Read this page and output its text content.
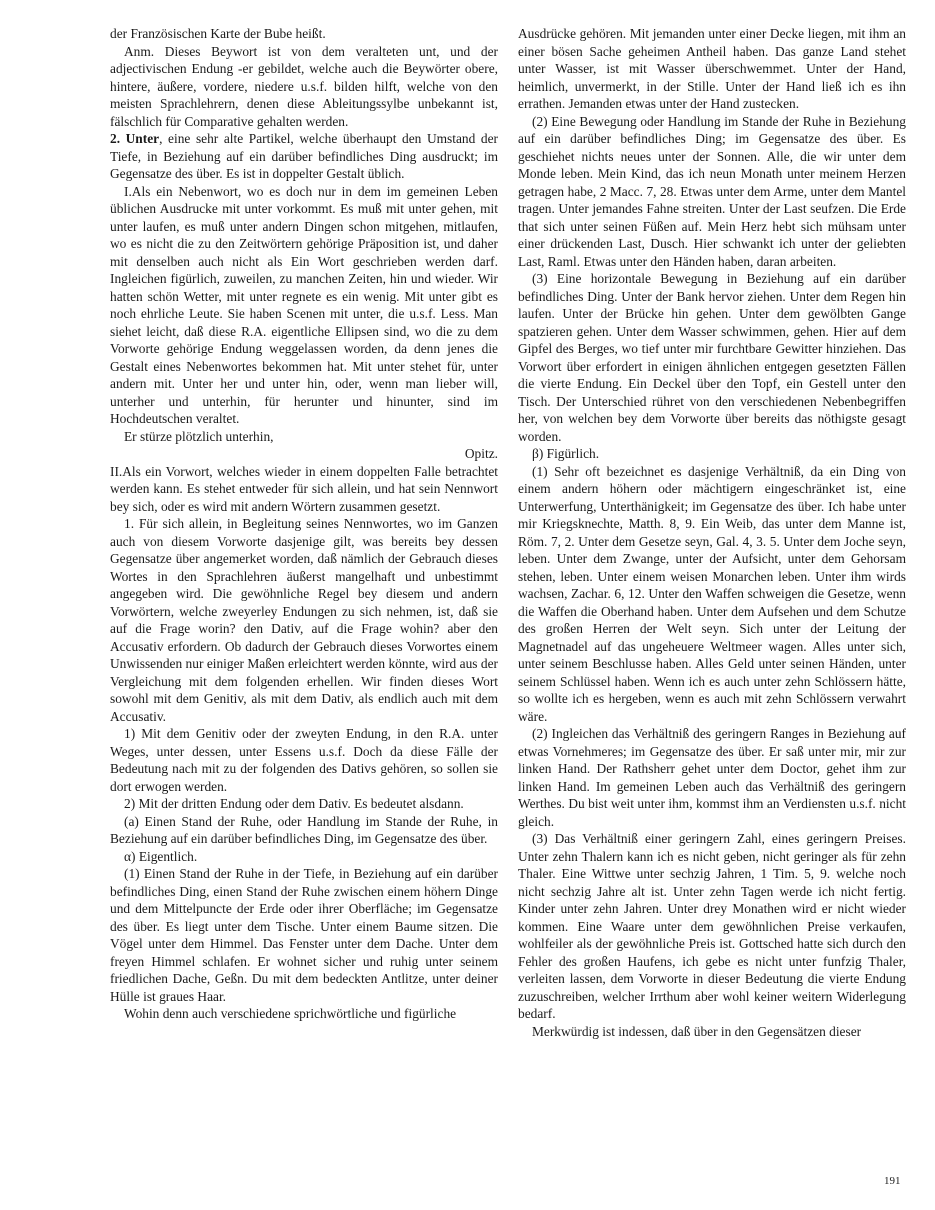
der Französischen Karte der Bube heißt.

Anm. Dieses Beywort ist von dem veralteten unt, und der adjectivischen Endung -er gebildet, welche auch die Beywörter obere, hintere, äußere, vordere, niedere u.s.f. bilden hilft, welche von den meisten Sprachlehrern, denen diese Ableitungssylbe unbekannt ist, fälschlich für Comparative gehalten werden.

2. Unter, eine sehr alte Partikel, welche überhaupt den Umstand der Tiefe, in Beziehung auf ein darüber befindliches Ding ausdruckt; im Gegensatze des über. Es ist in doppelter Gestalt üblich.

I.Als ein Nebenwort, wo es doch nur in dem im gemeinen Leben üblichen Ausdrucke mit unter vorkommt. Es muß mit unter gehen, mit unter laufen, es muß unter andern Dingen schon mitgehen, mitlaufen, wo es nicht die zu den Zeitwörtern gehörige Präposition ist, und daher mit denselben auch nicht als Ein Wort geschrieben werden darf. Ingleichen figürlich, zuweilen, zu manchen Zeiten, hin und wieder. Wir hatten schön Wetter, mit unter regnete es ein wenig. Mit unter gibt es noch ehrliche Leute. Sie haben Scenen mit unter, die u.s.f. Less. Man siehet leicht, daß diese R.A. eigentliche Ellipsen sind, wo die zu dem Vorworte gehörige Endung weggelassen worden, da denn jenes die Gestalt eines Nebenwortes bekommen hat. Mit unter stehet für, unter andern mit. Unter her und unter hin, oder, wenn man lieber will, unterher und unterhin, für herunter und hinunter, sind im Hochdeutschen veraltet.

Er stürze plötzlich unterhin,

Opitz.

II.Als ein Vorwort, welches wieder in einem doppelten Falle betrachtet werden kann. Es stehet entweder für sich allein, und hat sein Nennwort bey sich, oder es wird mit andern Wörtern zusammen gesetzt.

1. Für sich allein, in Begleitung seines Nennwortes, wo im Ganzen auch von diesem Vorworte dasjenige gilt, was bereits bey dessen Gegensatze über angemerket worden, daß nämlich der Gebrauch dieses Wortes in den Sprachlehren äußerst mangelhaft und unbestimmt angegeben wird. Die gewöhnliche Regel bey diesem und andern Vorwörtern, welche zweyerley Endungen zu sich nehmen, ist, daß sie auf die Frage worin? den Dativ, auf die Frage wohin? aber den Accusativ erfordern. Ob dadurch der Gebrauch dieses Vorwortes einem Unwissenden nur einiger Maßen erleichtert werden könnte, wird aus der Vergleichung mit dem folgenden erhellen. Wir finden dieses Wort sowohl mit dem Genitiv, als mit dem Dativ, als endlich auch mit dem Accusativ.

1) Mit dem Genitiv oder der zweyten Endung, in den R.A. unter Weges, unter dessen, unter Essens u.s.f. Doch da diese Fälle der Bedeutung nach mit zu der folgenden des Dativs gehören, so sollen sie dort erwogen werden.

2) Mit der dritten Endung oder dem Dativ. Es bedeutet alsdann.

(a) Einen Stand der Ruhe, oder Handlung im Stande der Ruhe, in Beziehung auf ein darüber befindliches Ding, im Gegensatze des über.

α) Eigentlich.

(1) Einen Stand der Ruhe in der Tiefe, in Beziehung auf ein darüber befindliches Ding, einen Stand der Ruhe zwischen einem höhern Dinge und dem Mittelpuncte der Erde oder ihrer Oberfläche; im Gegensatze des über. Es liegt unter dem Tische. Unter einem Baume sitzen. Die Vögel unter dem Himmel. Das Fenster unter dem Dache. Unter dem freyen Himmel schlafen. Er wohnet sicher und ruhig unter seinem friedlichen Dache, Geßn. Du mit dem bedeckten Antlitze, unter deiner Hülle ist graues Haar.

Wohin denn auch verschiedene sprichwörtliche und figürliche

Ausdrücke gehören. Mit jemanden unter einer Decke liegen, mit ihm an einer bösen Sache geheimen Antheil haben. Das ganze Land stehet unter Wasser, ist mit Wasser überschwemmet. Unter der Hand, heimlich, unvermerkt, in der Stille. Unter der Hand ließ ich es ihn errathen. Jemanden etwas unter der Hand zustecken.

(2) Eine Bewegung oder Handlung im Stande der Ruhe in Beziehung auf ein darüber befindliches Ding; im Gegensatze des über. Es geschiehet nichts neues unter der Sonnen. Alle, die wir unter dem Monde leben. Mein Kind, das ich neun Monath unter meinem Herzen getragen habe, 2 Macc. 7, 28. Etwas unter dem Arme, unter dem Mantel tragen. Unter jemandes Fahne streiten. Unter der Last seufzen. Die Erde that sich unter seinen Füßen auf. Mein Herz hebt sich mühsam unter einer drückenden Last, Dusch. Hier schwankt ich unter der geliebten Last, Raml. Etwas unter den Händen haben, daran arbeiten.

(3) Eine horizontale Bewegung in Beziehung auf ein darüber befindliches Ding. Unter der Bank hervor ziehen. Unter dem Regen hin laufen. Unter der Brücke hin gehen. Unter dem gewölbten Gange spatzieren gehen. Unter dem Wasser schwimmen, gehen. Hier auf dem Gipfel des Berges, wo tief unter mir furchtbare Gewitter hinziehen. Das Vorwort über erfordert in einigen ähnlichen entgegen gesetzten Fällen die vierte Endung. Ein Deckel über den Topf, ein Gestell unter den Tisch. Der Unterschied rühret von den verschiedenen Nebenbegriffen her, von welchen bey dem Vorworte über bereits das nöthigste gesagt worden.

β) Figürlich.

(1) Sehr oft bezeichnet es dasjenige Verhältniß, da ein Ding von einem andern höhern oder mächtigern eingeschränket ist, eine Unterwerfung, Unterthänigkeit; im Gegensatze des über. Ich habe unter mir Kriegsknechte, Matth. 8, 9. Ein Weib, das unter dem Manne ist, Röm. 7, 2. Unter dem Gesetze seyn, Gal. 4, 3. 5. Unter dem Joche seyn, leben. Unter dem Zwange, unter der Aufsicht, unter dem Gehorsam stehen, leben. Unter einem weisen Monarchen leben. Unter ihm wirds wachsen, Zachar. 6, 12. Unter den Waffen schweigen die Gesetze, wenn die Waffen die Oberhand haben. Unter dem Aufsehen und dem Schutze des großen Herren der Welt seyn. Sich unter der Leitung der Magnetnadel auf das ungeheuere Weltmeer wagen. Alles unter sich, unter seinem Beschlusse haben. Alles Geld unter seinen Händen, unter seinem Schlüssel haben. Wenn ich es auch unter zehn Schlössern hätte, so wollte ich es hergeben, wenn es auch mit zehn Schlössern verwahrt wäre.

(2) Ingleichen das Verhältniß des geringern Ranges in Beziehung auf etwas Vornehmeres; im Gegensatze des über. Er saß unter mir, mir zur linken Hand. Der Rathsherr gehet unter dem Doctor, gehet ihm zur linken Hand. Im gemeinen Leben auch das Verhältniß des geringern Werthes. Du bist weit unter ihm, kommst ihm an Verdiensten u.s.f. nicht gleich.

(3) Das Verhältniß einer geringern Zahl, eines geringern Preises. Unter zehn Thalern kann ich es nicht geben, nicht geringer als für zehn Thaler. Eine Wittwe unter sechzig Jahren, 1 Tim. 5, 9. welche noch nicht sechzig Jahre alt ist. Unter zehn Tagen werde ich nicht fertig. Kinder unter zehn Jahren. Unter drey Monathen wird er nicht wieder kommen. Eine Waare unter dem gewöhnlichen Preise verkaufen, wohlfeiler als der gewöhnliche Preis ist. Gottsched hatte sich durch den Fehler des großen Haufens, ich gebe es nicht unter funfzig Thaler, verleiten lassen, dem Vorworte in dieser Bedeutung die vierte Endung zuzuschreiben, welcher Irrthum aber wohl keiner weitern Widerlegung bedarf.

Merkwürdig ist indessen, daß über in den Gegensätzen dieser

191
